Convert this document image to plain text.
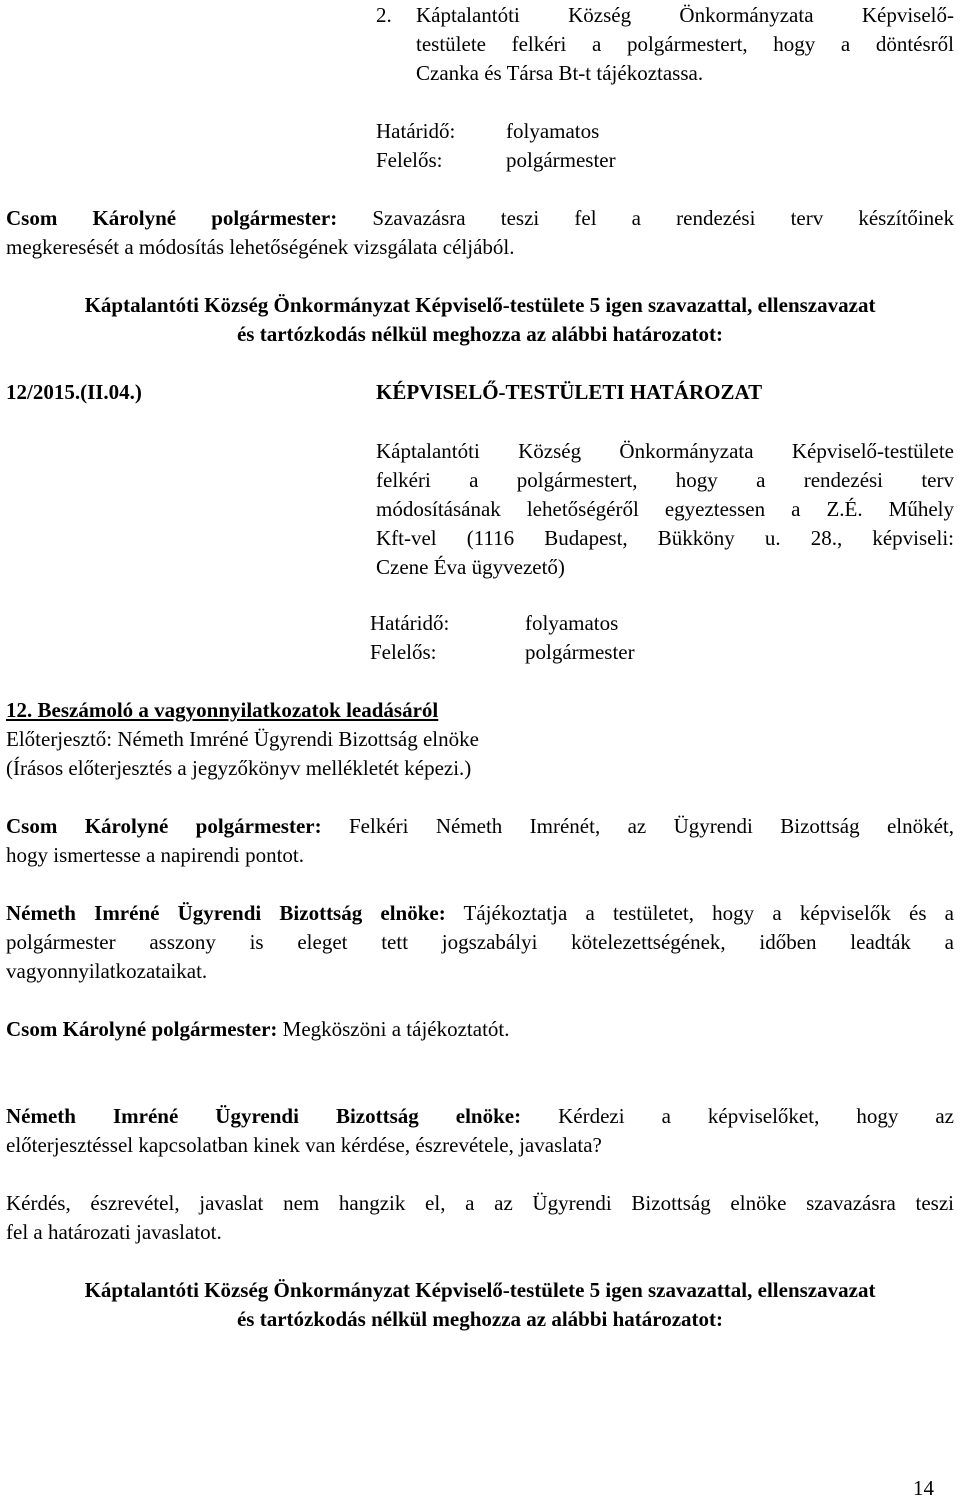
2. Káptalantóti Község Önkormányzata Képviselő-
testülete felkéri a polgármestert, hogy a döntésről
Czanka és Társa Bt-t tájékoztassa.
Határidő: folyamatos
Felelős:	polgármester
Csom Károlyné polgármester: Szavazásra teszi fel a rendezési terv készítőinek
megkeresését a módosítás lehetőségének vizsgálata céljából.
Káptalantóti Község Önkormányzat Képviselő-testülete 5 igen szavazattal, ellenszavazat
és tartózkodás nélkül meghozza az alábbi határozatot:
12/2015.(II.04.)	KÉPVISELŐ-TESTÜLETI HATÁROZAT
Káptalantóti Község Önkormányzata Képviselő-testülete
felkéri a polgármestert, hogy a rendezési terv
módosításának lehetőségéről egyeztessen a Z.É. Műhely
Kft-vel (1116 Budapest, Bükköny u. 28., képviseli:
Czene Éva ügyvezető)
Határidő:	folyamatos
Felelős:	polgármester
12. Beszámoló a vagyonnyilatkozatok leadásáról
Előterjesztő: Németh Imréné Ügyrendi Bizottság elnöke
(Írásos előterjesztés a jegyzőkönyv mellékletét képezi.)
Csom Károlyné polgármester: Felkéri Németh Imrénét, az Ügyrendi Bizottság elnökét,
hogy ismertesse a napirendi pontot.
Németh Imréné Ügyrendi Bizottság elnöke: Tájékoztatja a testületet, hogy a képviselők és a
polgármester asszony is eleget tett jogszabályi kötelezettségének, időben leadták a
vagyonnyilatkozataikat.
Csom Károlyné polgármester: Megköszöni a tájékoztatót.
Németh Imréné Ügyrendi Bizottság elnöke: Kérdezi a képviselőket, hogy az
előterjesztéssel kapcsolatban kinek van kérdése, észrevétele, javaslata?
Kérdés, észrevétel, javaslat nem hangzik el, a az Ügyrendi Bizottság elnöke szavazásra teszi
fel a határozati javaslatot.
Káptalantóti Község Önkormányzat Képviselő-testülete 5 igen szavazattal, ellenszavazat
és tartózkodás nélkül meghozza az alábbi határozatot:
14
